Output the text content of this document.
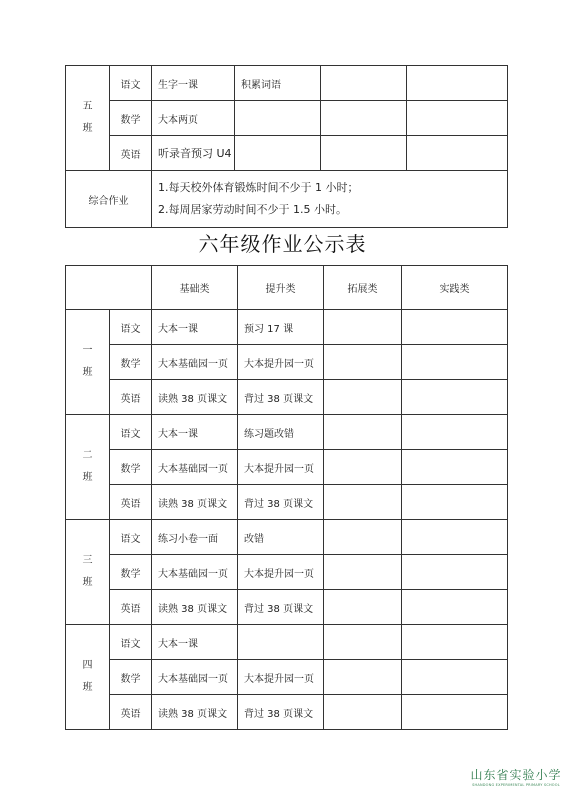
五
班	语文	生字一课	积累词语		
	数学	大本两页			
	英语	听录音预习 U4			
综合作业		1.每天校外体育锻炼时间不少于 1 小时；
2.每周居家劳动时间不少于 1.5 小时。			
六年级作业公示表
		基础类	提升类	拓展类	实践类

一
班	语文	大本一课	预习 17 课		
	数学	大本基础园一页	大本提升园一页		
	英语	读熟 38 页课文	背过 38 页课文		

二
班	语文	大本一课	练习题改错		
	数学	大本基础园一页	大本提升园一页		
	英语	读熟 38 页课文	背过 38 页课文		

三
班	语文	练习小卷一面	改错		
	数学	大本基础园一页	大本提升园一页		
	英语	读熟 38 页课文	背过 38 页课文		

四
班	语文	大本一课			
	数学	大本基础园一页	大本提升园一页		
	英语	读熟 38 页课文	背过 38 页课文		
山东省实验小学
SHANDONG EXPERIMENTAL PRIMARY SCHOOL
